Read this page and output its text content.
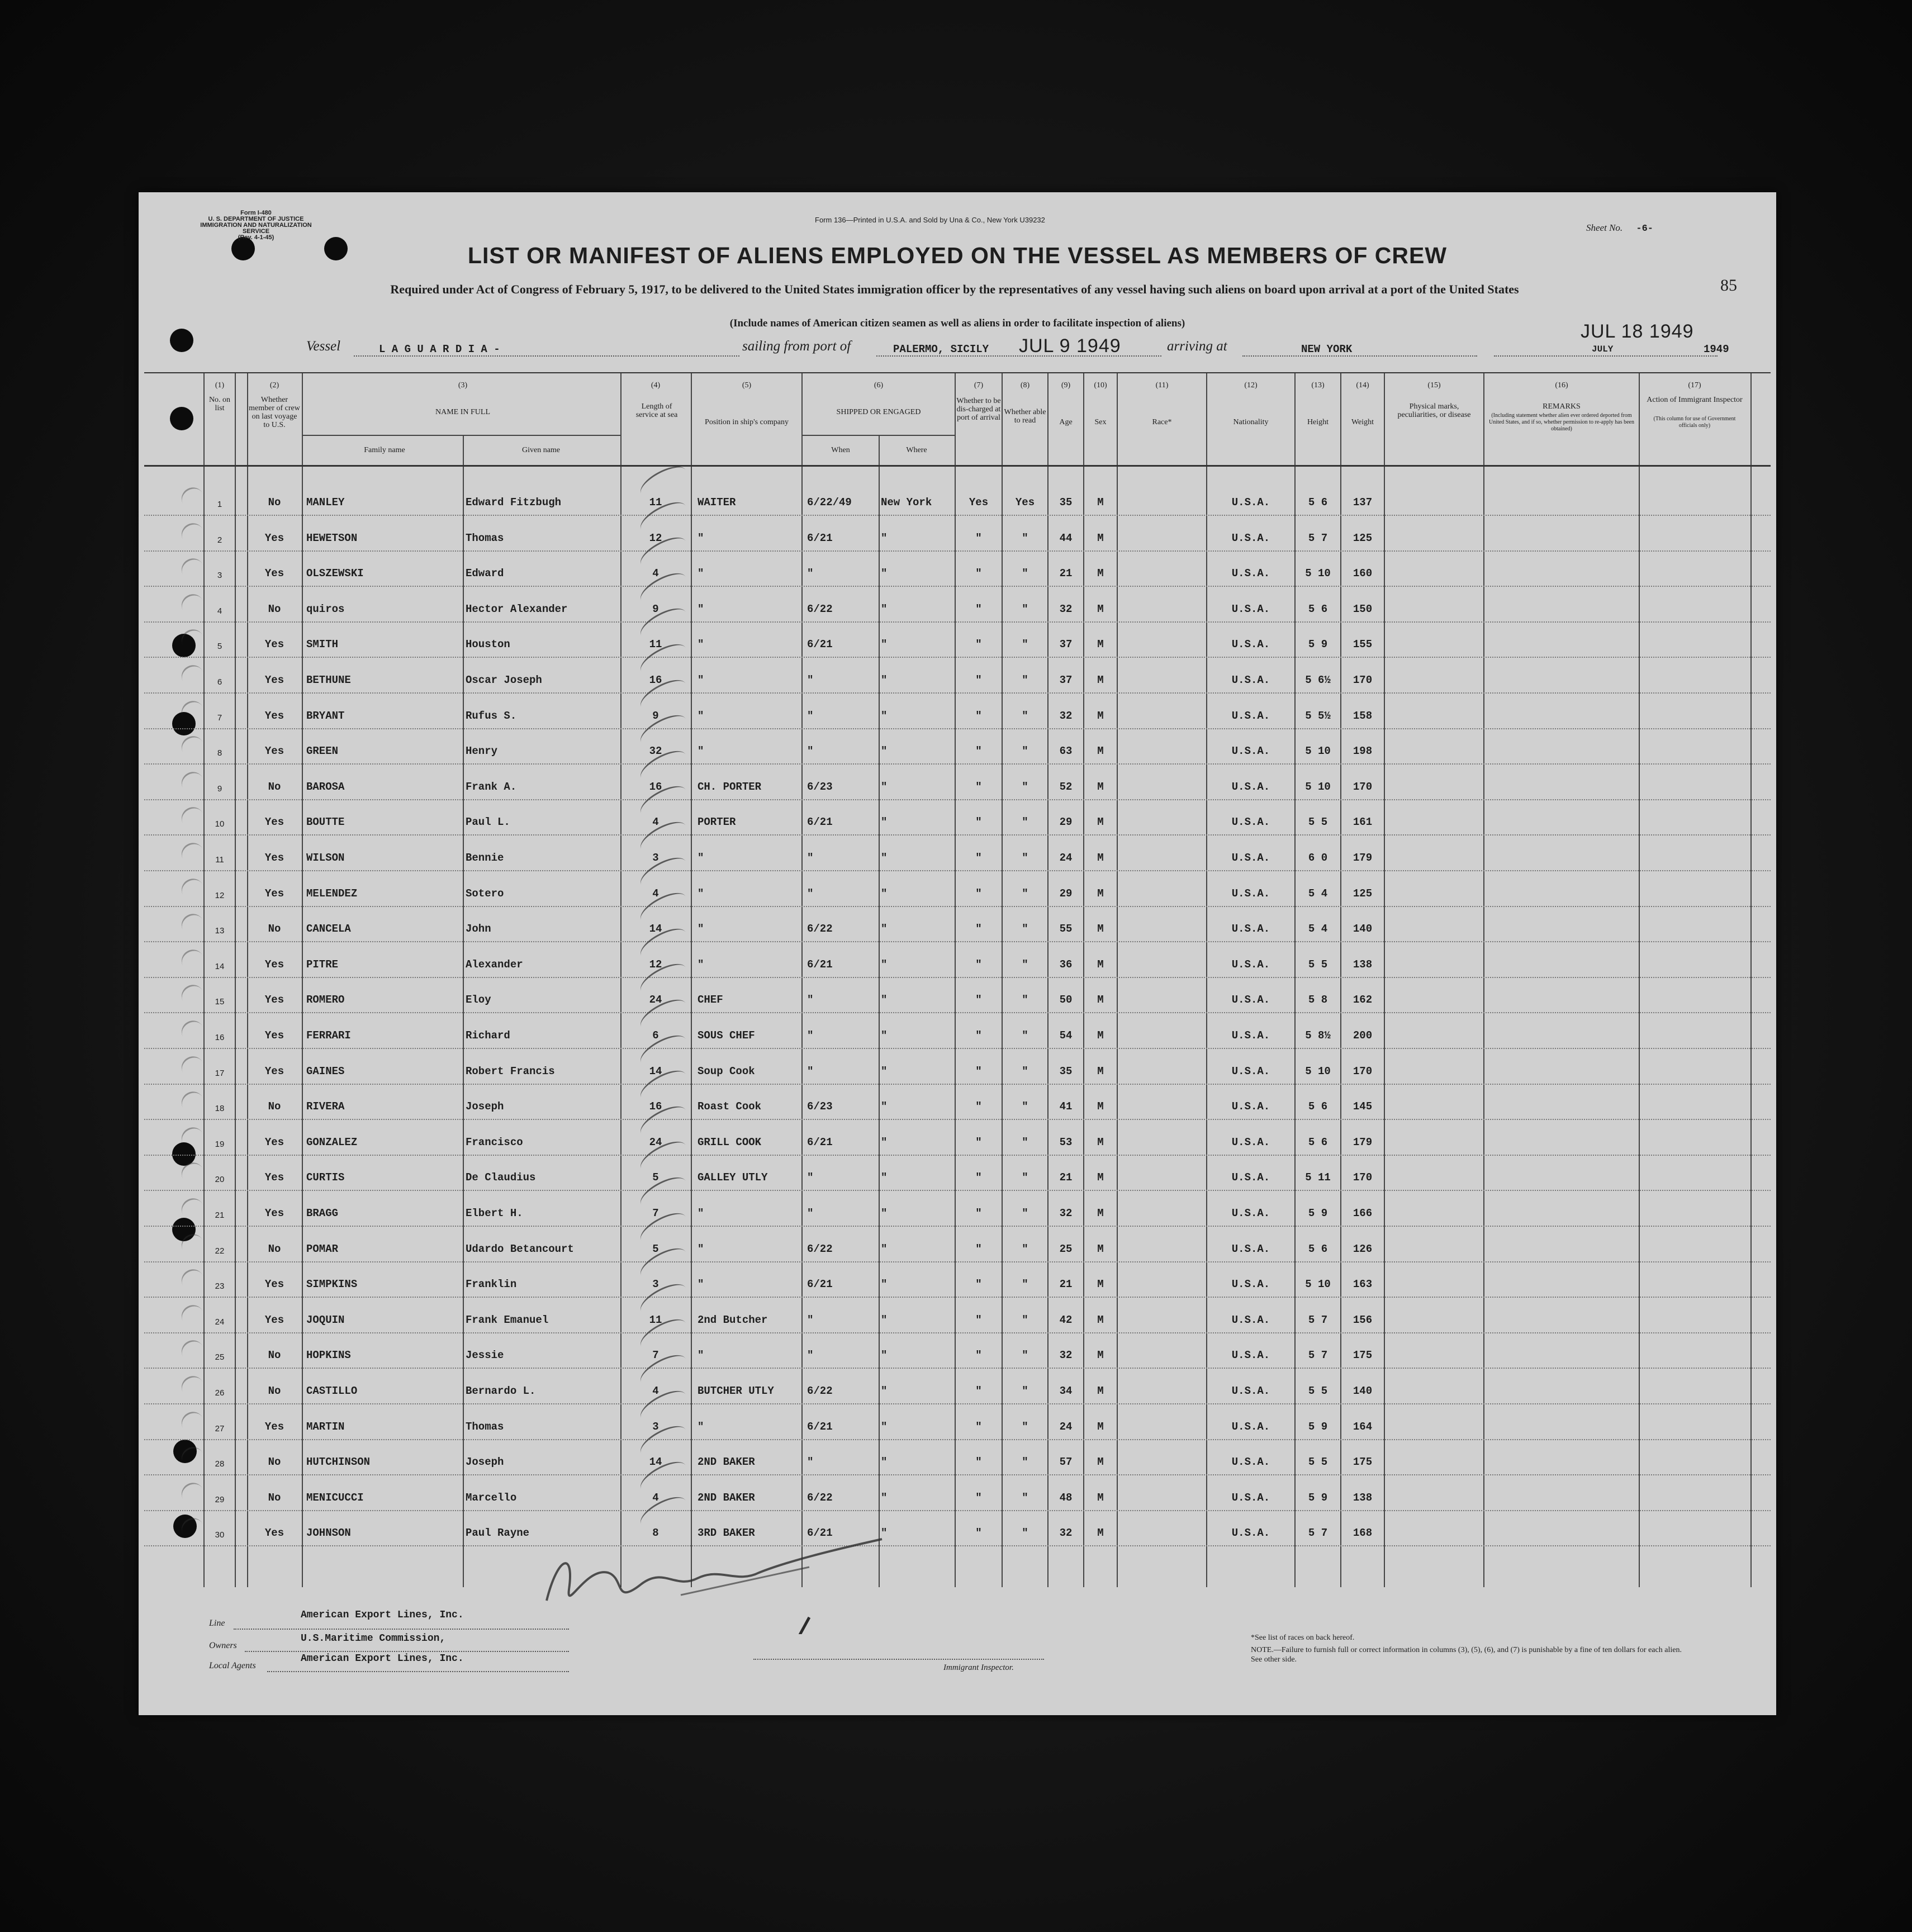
Form I-480
U. S. DEPARTMENT OF JUSTICE
IMMIGRATION AND NATURALIZATION SERVICE
(Rev. 4-1-45)
Form 136—Printed in U.S.A. and Sold by Una & Co., New York U39232
Sheet No. -6-
85
LIST OR MANIFEST OF ALIENS EMPLOYED ON THE VESSEL AS MEMBERS OF CREW
Required under Act of Congress of February 5, 1917, to be delivered to the United States immigration officer by the representatives of any vessel having such aliens on board upon arrival at a port of the United States
(Include names of American citizen seamen as well as aliens in order to facilitate inspection of aliens)
Vessel	L A G U A R D I A -	sailing from port of	PALERMO, SICILY JUL 9 1949	arriving at	NEW YORK
JUL 18 1949
JULY	1949
(1)
No. on list
(2)
Whether member of crew on last voyage to U.S.
(3)
NAME IN FULL
Family name	Given name
(4)
Length of service at sea
(5)
Position in ship's company
(6)
SHIPPED OR ENGAGED
When	Where
(7)
Whether to be dis-charged at port of arrival
(8)
Whether able to read
(9)
Age
(10)
Sex
(11)
Race*
(12)
Nationality
(13)
Height
(14)
Weight
(15)
Physical marks, peculiarities, or disease
(16)
REMARKS
(Including statement whether alien ever ordered deported from United States, and if so, whether permission to re-apply has been obtained)
(17)
Action of Immigrant Inspector
(This column for use of Government officials only)
1	No	MANLEY	Edward Fitzbugh	11	WAITER	6/22/49	New York	Yes	Yes	35	M	U.S.A.	5 6	137
2	Yes	HEWETSON	Thomas	12	"	6/21	"	"	"	44	M	U.S.A.	5 7	125
3	Yes	OLSZEWSKI	Edward	4	"	"	"	"	"	21	M	U.S.A.	5 10	160
4	No	quiros	Hector Alexander	9	"	6/22	"	"	"	32	M	U.S.A.	5 6	150
5	Yes	SMITH	Houston	11	"	6/21	"	"	"	37	M	U.S.A.	5 9	155
6	Yes	BETHUNE	Oscar Joseph	16	"	"	"	"	"	37	M	U.S.A.	5 6½	170
7	Yes	BRYANT	Rufus S.	9	"	"	"	"	"	32	M	U.S.A.	5 5½	158
8	Yes	GREEN	Henry	32	"	"	"	"	"	63	M	U.S.A.	5 10	198
9	No	BAROSA	Frank A.	16	CH. PORTER	6/23	"	"	"	52	M	U.S.A.	5 10	170
10	Yes	BOUTTE	Paul L.	4	PORTER	6/21	"	"	"	29	M	U.S.A.	5 5	161
11	Yes	WILSON	Bennie	3	"	"	"	"	"	24	M	U.S.A.	6 0	179
12	Yes	MELENDEZ	Sotero	4	"	"	"	"	"	29	M	U.S.A.	5 4	125
13	No	CANCELA	John	14	"	6/22	"	"	"	55	M	U.S.A.	5 4	140
14	Yes	PITRE	Alexander	12	"	6/21	"	"	"	36	M	U.S.A.	5 5	138
15	Yes	ROMERO	Eloy	24	CHEF	"	"	"	"	50	M	U.S.A.	5 8	162
16	Yes	FERRARI	Richard	6	SOUS CHEF	"	"	"	"	54	M	U.S.A.	5 8½	200
17	Yes	GAINES	Robert Francis	14	Soup Cook	"	"	"	"	35	M	U.S.A.	5 10	170
18	No	RIVERA	Joseph	16	Roast Cook	6/23	"	"	"	41	M	U.S.A.	5 6	145
19	Yes	GONZALEZ	Francisco	24	GRILL COOK	6/21	"	"	"	53	M	U.S.A.	5 6	179
20	Yes	CURTIS	De Claudius	5	GALLEY UTLY	"	"	"	"	21	M	U.S.A.	5 11	170
21	Yes	BRAGG	Elbert H.	7	"	"	"	"	"	32	M	U.S.A.	5 9	166
22	No	POMAR	Udardo Betancourt	5	"	6/22	"	"	"	25	M	U.S.A.	5 6	126
23	Yes	SIMPKINS	Franklin	3	"	6/21	"	"	"	21	M	U.S.A.	5 10	163
24	Yes	JOQUIN	Frank Emanuel	11	2nd Butcher	"	"	"	"	42	M	U.S.A.	5 7	156
25	No	HOPKINS	Jessie	7	"	"	"	"	"	32	M	U.S.A.	5 7	175
26	No	CASTILLO	Bernardo L.	4	BUTCHER UTLY	6/22	"	"	"	34	M	U.S.A.	5 5	140
27	Yes	MARTIN	Thomas	3	"	6/21	"	"	"	24	M	U.S.A.	5 9	164
28	No	HUTCHINSON	Joseph	14	2ND BAKER	"	"	"	"	57	M	U.S.A.	5 5	175
29	No	MENICUCCI	Marcello	4	2ND BAKER	6/22	"	"	"	48	M	U.S.A.	5 9	138
30	Yes	JOHNSON	Paul Rayne	8	3RD BAKER	6/21	"	"	"	32	M	U.S.A.	5 7	168
Line
American Export Lines, Inc.
Owners
U.S.Maritime Commission,
Local Agents
American Export Lines, Inc.
Immigrant Inspector.
*See list of races on back hereof.
NOTE.—Failure to furnish full or correct information in columns (3), (5), (6), and (7) is punishable by a fine of ten dollars for each alien. See other side.
